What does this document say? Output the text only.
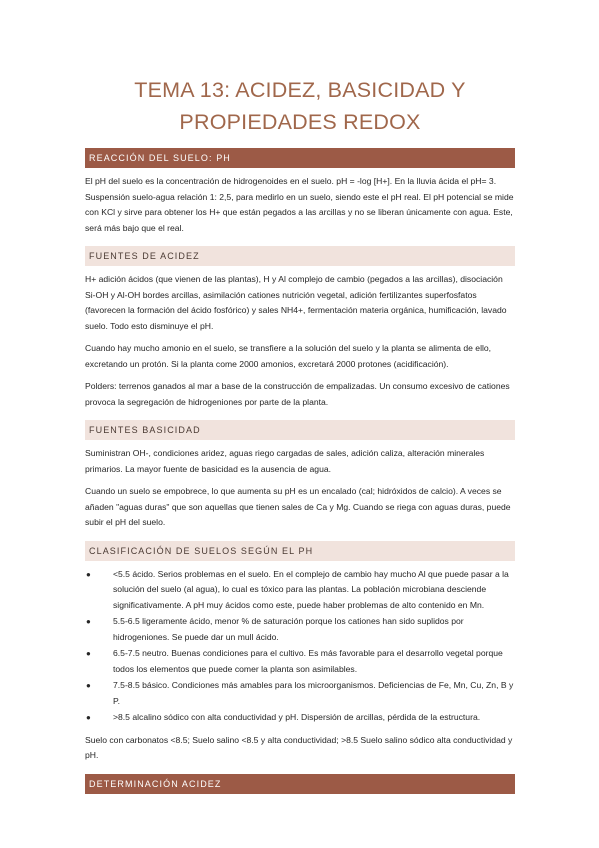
TEMA 13: ACIDEZ, BASICIDAD Y
PROPIEDADES REDOX
REACCIÓN DEL SUELO: PH

El pH del suelo es la concentración de hidrogenoides en el suelo. pH = -log [H+]. En la lluvia ácida el pH= 3. Suspensión suelo-agua relación 1: 2,5, para medirlo en un suelo, siendo este el pH real. El pH potencial se mide con KCl y sirve para obtener los H+ que están pegados a las arcillas y no se liberan únicamente con agua. Este, será más bajo que el real.

FUENTES DE ACIDEZ

H+ adición ácidos (que vienen de las plantas), H y Al complejo de cambio (pegados a las arcillas), disociación Si-OH y Al-OH bordes arcillas, asimilación cationes nutrición vegetal, adición fertilizantes superfosfatos (favorecen la formación del ácido fosfórico) y sales NH4+, fermentación materia orgánica, humificación, lavado suelo. Todo esto disminuye el pH.

Cuando hay mucho amonio en el suelo, se transfiere a la solución del suelo y la planta se alimenta de ello, excretando un protón. Si la planta come 2000 amonios, excretará 2000 protones (acidificación).

Polders: terrenos ganados al mar a base de la construcción de empalizadas. Un consumo excesivo de cationes provoca la segregación de hidrogeniones por parte de la planta.

FUENTES BASICIDAD

Suministran OH-, condiciones aridez, aguas riego cargadas de sales, adición caliza, alteración minerales primarios. La mayor fuente de basicidad es la ausencia de agua.

Cuando un suelo se empobrece, lo que aumenta su pH es un encalado (cal; hidróxidos de calcio). A veces se añaden "aguas duras" que son aquellas que tienen sales de Ca y Mg. Cuando se riega con aguas duras, puede subir el pH del suelo.

CLASIFICACIÓN DE SUELOS SEGÚN EL PH
●	<5.5 ácido. Serios problemas en el suelo. En el complejo de cambio hay mucho Al que puede pasar a la solución del suelo (al agua), lo cual es tóxico para las plantas. La población microbiana desciende significativamente. A pH muy ácidos como este, puede haber problemas de alto contenido en Mn.
●	5.5-6.5 ligeramente ácido, menor % de saturación porque los cationes han sido suplidos por hidrogeniones. Se puede dar un mull ácido.
●	6.5-7.5 neutro. Buenas condiciones para el cultivo. Es más favorable para el desarrollo vegetal porque todos los elementos que puede comer la planta son asimilables.
●	7.5-8.5 básico. Condiciones más amables para los microorganismos. Deficiencias de Fe, Mn, Cu, Zn, B y P.
●	>8.5 alcalino sódico con alta conductividad y pH. Dispersión de arcillas, pérdida de la estructura.

Suelo con carbonatos <8.5; Suelo salino <8.5 y alta conductividad; >8.5 Suelo salino sódico alta conductividad y pH.

DETERMINACIÓN ACIDEZ
